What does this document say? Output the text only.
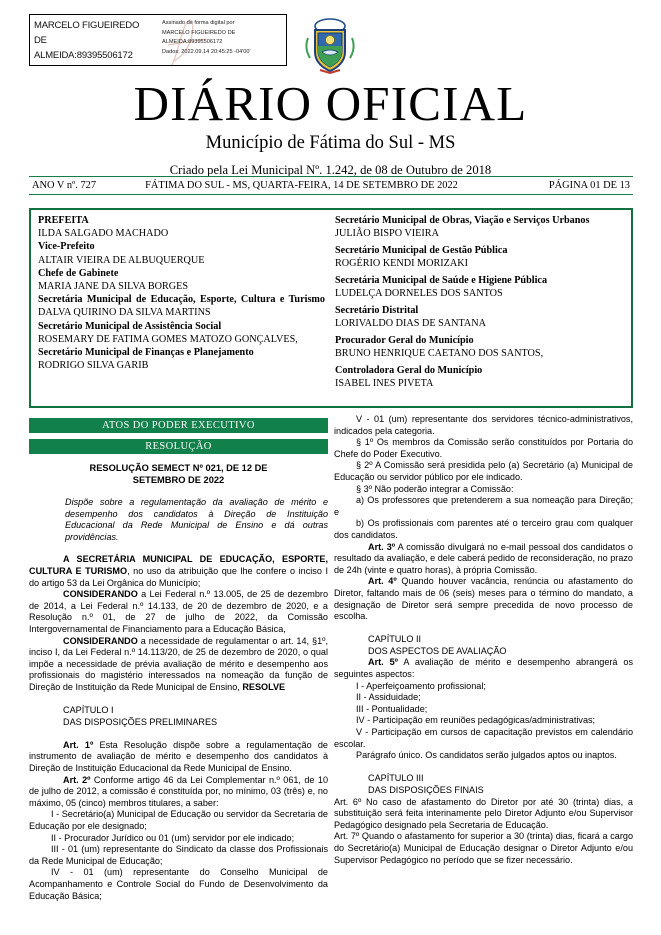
MARCELO FIGUEIREDO
DE
ALMEIDA:89395506172
Assinado de forma digital por
MARCELO FIGUEIREDO DE
ALMEIDA:89395506172
Dados: 2022.09.14 20:45:25 -04'00'
DIÁRIO OFICIAL
Município de Fátima do Sul - MS
Criado pela Lei Municipal Nº. 1.242, de 08 de Outubro de 2018
ANO V nº. 727	FÁTIMA DO SUL - MS, QUARTA-FEIRA, 14 DE SETEMBRO DE 2022	PÁGINA 01 DE 13
PREFEITA
ILDA SALGADO MACHADO
Vice-Prefeito
ALTAIR VIEIRA DE ALBUQUERQUE
Chefe de Gabinete
MARIA JANE DA SILVA BORGES
Secretária Municipal de Educação, Esporte, Cultura e Turismo
DALVA QUIRINO DA SILVA MARTINS
Secretário Municipal de Assistência Social
ROSEMARY DE FATIMA GOMES MATOZO GONÇALVES,
Secretário Municipal de Finanças e Planejamento
RODRIGO SILVA GARIB
Secretário Municipal de Obras, Viação e Serviços Urbanos
JULIÃO BISPO VIEIRA
Secretário Municipal de Gestão Pública
ROGÉRIO KENDI MORIZAKI
Secretária Municipal de Saúde e Higiene Pública
LUDELÇA DORNELES DOS SANTOS
Secretário Distrital
LORIVALDO DIAS DE SANTANA
Procurador Geral do Município
BRUNO HENRIQUE CAETANO DOS SANTOS,
Controladora Geral do Município
ISABEL INES PIVETA
ATOS DO PODER EXECUTIVO
RESOLUÇÃO
RESOLUÇÃO SEMECT Nº 021, DE 12 DE
SETEMBRO DE 2022
Dispõe sobre a regulamentação da avaliação de mérito e desempenho dos candidatos à Direção de Instituição Educacional da Rede Municipal de Ensino e dá outras providências.

A SECRETÁRIA MUNICIPAL DE EDUCAÇÃO, ESPORTE, CULTURA E TURISMO, no uso da atribuição que lhe confere o inciso I do artigo 53 da Lei Orgânica do Município;

CONSIDERANDO a Lei Federal n.º 13.005, de 25 de dezembro de 2014, a Lei Federal n.º 14.133, de 20 de dezembro de 2020, e a Resolução n.º 01, de 27 de julho de 2022, da Comissão Intergovernamental de Financiamento para a Educação Básica,

CONSIDERANDO a necessidade de regulamentar o art. 14, §1º, inciso I, da Lei Federal n.º 14.113/20, de 25 de dezembro de 2020, o qual impõe a necessidade de prévia avaliação de mérito e desempenho aos profissionais do magistério interessados na nomeação da função de Direção de Instituição da Rede Municipal de Ensino, RESOLVE

CAPÍTULO I

DAS DISPOSIÇÕES PRELIMINARES

Art. 1º Esta Resolução dispõe sobre a regulamentação de instrumento de avaliação de mérito e desempenho dos candidatos à Direção de Instituição Educacional da Rede Municipal de Ensino.

Art. 2º Conforme artigo 46 da Lei Complementar n.º 061, de 10 de julho de 2012, a comissão é constituída por, no mínimo, 03 (três) e, no máximo, 05 (cinco) membros titulares, a saber:

I - Secretário(a) Municipal de Educação ou servidor da Secretaria de Educação por ele designado;

II - Procurador Jurídico ou 01 (um) servidor por ele indicado;

III - 01 (um) representante do Sindicato da classe dos Profissionais da Rede Municipal de Educação;

IV - 01 (um) representante do Conselho Municipal de Acompanhamento e Controle Social do Fundo de Desenvolvimento da Educação Básica;

V - 01 (um) representante dos servidores técnico-administrativos, indicados pela categoria.

§ 1º Os membros da Comissão serão constituídos por Portaria do Chefe do Poder Executivo.

§ 2º A Comissão será presidida pelo (a) Secretário (a) Municipal de Educação ou servidor público por ele indicado.

§ 3º Não poderão integrar a Comissão:

a) Os professores que pretenderem a sua nomeação para Direção; e

b) Os profissionais com parentes até o terceiro grau com qualquer dos candidatos.

Art. 3º A comissão divulgará no e-mail pessoal dos candidatos o resultado da avaliação, e dele caberá pedido de reconsideração, no prazo de 24h (vinte e quatro horas), à própria Comissão.

Art. 4º Quando houver vacância, renúncia ou afastamento do Diretor, faltando mais de 06 (seis) meses para o término do mandato, a designação de Diretor será sempre precedida de novo processo de escolha.

CAPÍTULO II

DOS ASPECTOS DE AVALIAÇÃO

Art. 5º A avaliação de mérito e desempenho abrangerá os seguintes aspectos:

I - Aperfeiçoamento profissional;

II - Assiduidade;

III - Pontualidade;

IV - Participação em reuniões pedagógicas/administrativas;

V - Participação em cursos de capacitação previstos em calendário escolar.

Parágrafo único. Os candidatos serão julgados aptos ou inaptos.

CAPÍTULO III

DAS DISPOSIÇÕES FINAIS

Art. 6º No caso de afastamento do Diretor por até 30 (trinta) dias, a substituição será feita interinamente pelo Diretor Adjunto e/ou Supervisor Pedagógico designado pela Secretaria de Educação.

Art. 7º Quando o afastamento for superior a 30 (trinta) dias, ficará a cargo do Secretário(a) Municipal de Educação designar o Diretor Adjunto e/ou Supervisor Pedagógico no período que se fizer necessário.
